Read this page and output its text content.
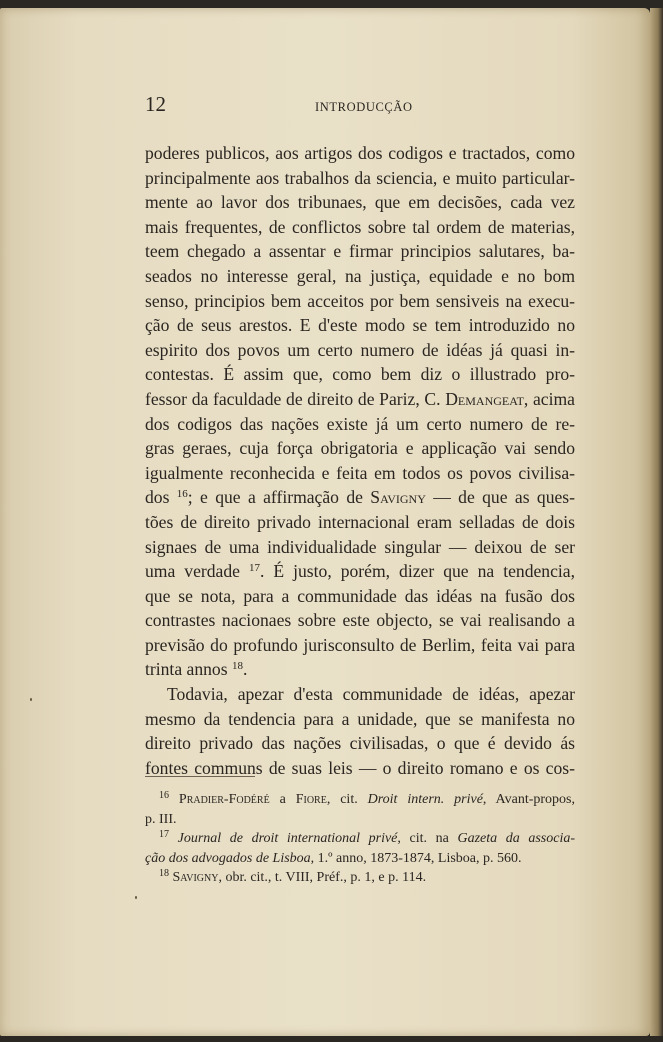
12	INTRODUCÇÃO
poderes publicos, aos artigos dos codigos e tractados, como
principalmente aos trabalhos da sciencia, e muito particular-
mente ao lavor dos tribunaes, que em decisões, cada vez
mais frequentes, de conflictos sobre tal ordem de materias,
teem chegado a assentar e firmar principios salutares, ba-
seados no interesse geral, na justiça, equidade e no bom
senso, principios bem acceitos por bem sensiveis na execu-
ção de seus arestos. E d'este modo se tem introduzido no
espirito dos povos um certo numero de idéas já quasi in-
contestas. É assim que, como bem diz o illustrado pro-
fessor da faculdade de direito de Pariz, C. Demangeat, acima
dos codigos das nações existe já um certo numero de re-
gras geraes, cuja força obrigatoria e applicação vai sendo
igualmente reconhecida e feita em todos os povos civilisa-
dos $^{16}$; e que a affirmação de Savigny — de que as ques-
tões de direito privado internacional eram selladas de dois
signaes de uma individualidade singular — deixou de ser
uma verdade $^{17}$. É justo, porém, dizer que na tendencia,
que se nota, para a communidade das idéas na fusão dos
contrastes nacionaes sobre este objecto, se vai realisando a
previsão do profundo jurisconsulto de Berlim, feita vai para
trinta annos $^{18}$.
Todavia, apezar d'esta communidade de idéas, apezar
mesmo da tendencia para a unidade, que se manifesta no
direito privado das nações civilisadas, o que é devido ás
fontes communs de suas leis — o direito romano e os cos-
$^{16}$ Pradier-Fodéré a Fiore, cit. Droit intern. privé, Avant-propos,
p. III.
$^{17}$ Journal de droit international privé, cit. na Gazeta da associa-
ção dos advogados de Lisboa, 1.º anno, 1873-1874, Lisboa, p. 560.
$^{18}$ Savigny, obr. cit., t. VIII, Préf., p. 1, e p. 114.
